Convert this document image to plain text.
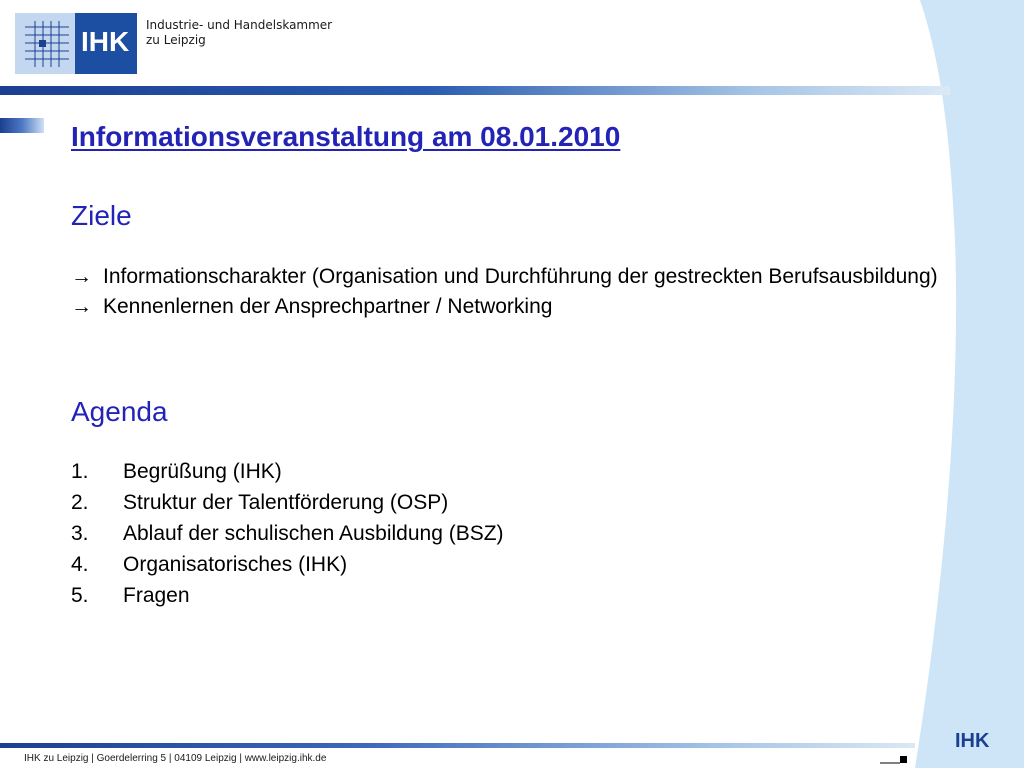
IHK
Industrie- und Handelskammer
zu Leipzig
Informationsveranstaltung am 08.01.2010
Ziele
→ Informationscharakter (Organisation und Durchführung der gestreckten Berufsausbildung)
→ Kennenlernen der Ansprechpartner / Networking
Agenda
1. Begrüßung (IHK)
2. Struktur der Talentförderung (OSP)
3. Ablauf der schulischen Ausbildung (BSZ)
4. Organisatorisches (IHK)
5. Fragen
IHK
IHK zu Leipzig | Goerdelerring 5 | 04109 Leipzig | www.leipzig.ihk.de
